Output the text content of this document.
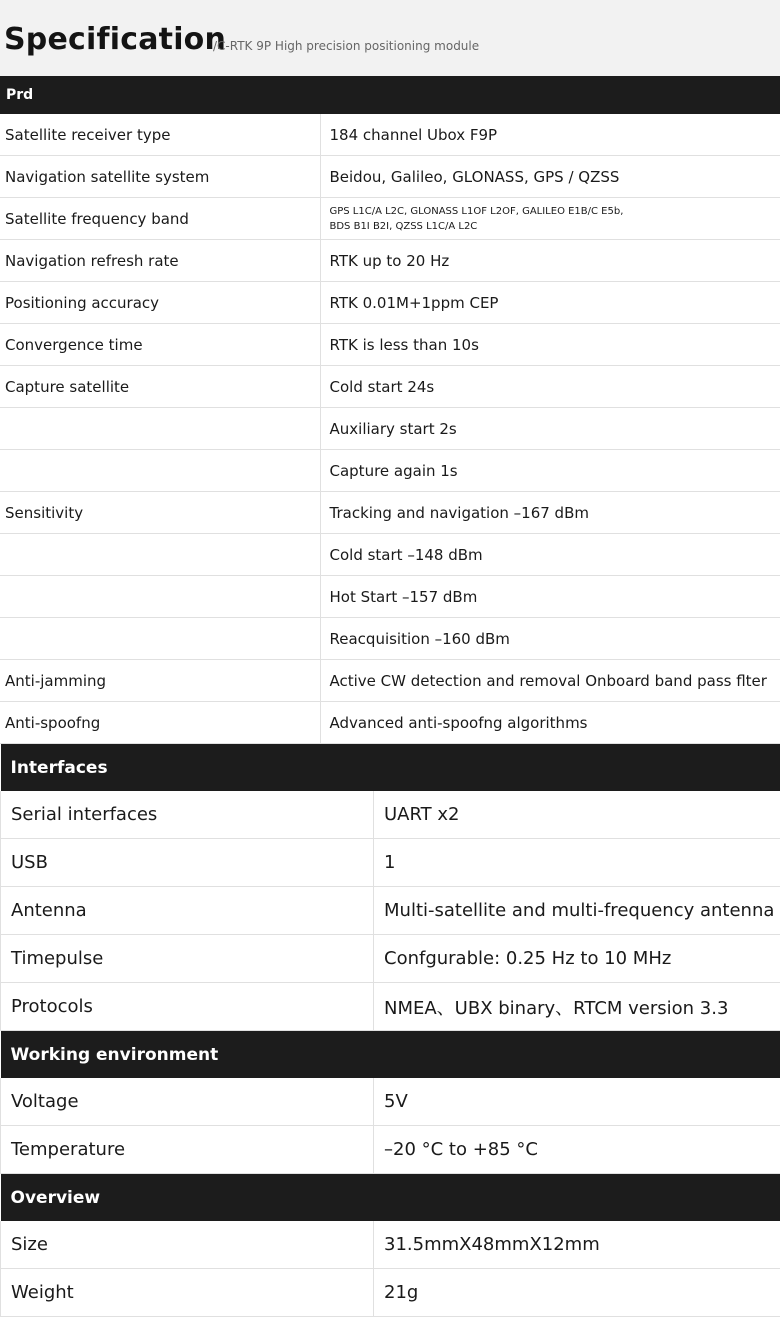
Specification
/C-RTK 9P High precision positioning module
Prd	
Satellite receiver type	184 channel Ubox F9P
Navigation satellite system	Beidou, Galileo, GLONASS, GPS / QZSS
Satellite frequency band	GPS L1C/A L2C, GLONASS L1OF L2OF, GALILEO E1B/C E5b,
BDS B1I B2I, QZSS L1C/A L2C

Navigation refresh rate	RTK up to 20 Hz
Positioning accuracy	RTK 0.01M+1ppm CEP
Convergence time	RTK is less than 10s
Capture satellite	Cold start 24s
	Auxiliary start 2s
	Capture again 1s
Sensitivity	Tracking and navigation –167 dBm
	Cold start –148 dBm
	Hot Start –157 dBm
	Reacquisition –160 dBm
Anti-jamming	Active CW detection and removal Onboard band pass flter
Anti-spoofng	Advanced anti-spoofng algorithms
Interfaces	
Serial interfaces	UART x2
USB	1
Antenna	Multi-satellite and multi-frequency antenna
Timepulse	Confgurable: 0.25 Hz to 10 MHz
Protocols	NMEA、UBX binary、RTCM version 3.3
Working environment	
Voltage	5V
Temperature	–20 °C to +85 °C
Overview	
Size	31.5mmX48mmX12mm
Weight	21g
